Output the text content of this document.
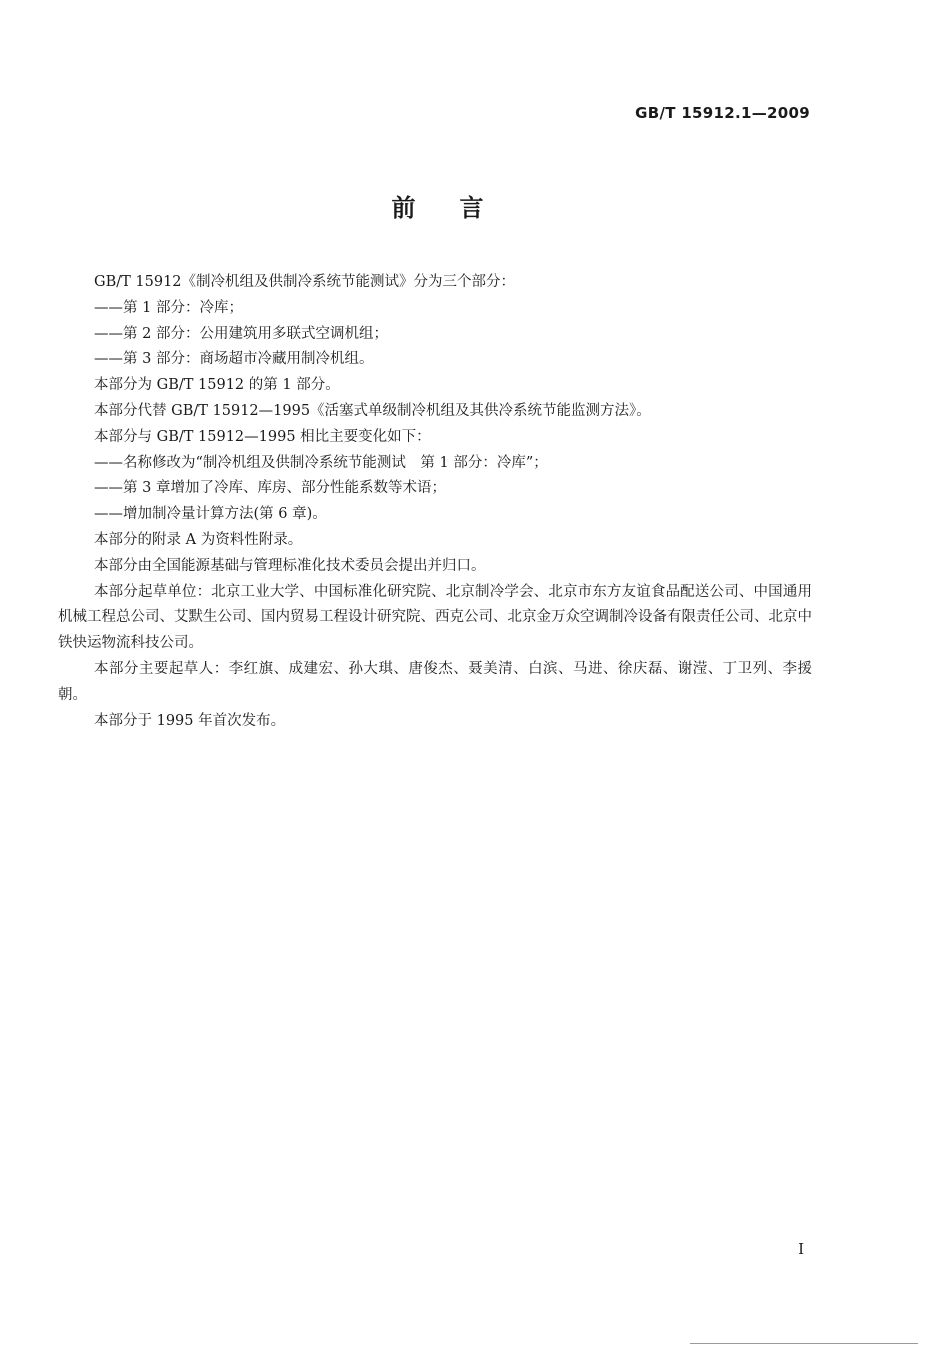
GB/T 15912.1—2009
前言

GB/T 15912《制冷机组及供制冷系统节能测试》分为三个部分：

——第 1 部分：冷库；

——第 2 部分：公用建筑用多联式空调机组；

——第 3 部分：商场超市冷藏用制冷机组。

本部分为 GB/T 15912 的第 1 部分。

本部分代替 GB/T 15912—1995《活塞式单级制冷机组及其供冷系统节能监测方法》。

本部分与 GB/T 15912—1995 相比主要变化如下：

——名称修改为“制冷机组及供制冷系统节能测试　第 1 部分：冷库”；

——第 3 章增加了冷库、库房、部分性能系数等术语；

——增加制冷量计算方法(第 6 章)。

本部分的附录 A 为资料性附录。

本部分由全国能源基础与管理标准化技术委员会提出并归口。

本部分起草单位：北京工业大学、中国标准化研究院、北京制冷学会、北京市东方友谊食品配送公司、中国通用机械工程总公司、艾默生公司、国内贸易工程设计研究院、西克公司、北京金万众空调制冷设备有限责任公司、北京中铁快运物流科技公司。

本部分主要起草人：李红旗、成建宏、孙大琪、唐俊杰、聂美清、白滨、马进、徐庆磊、谢滢、丁卫列、李援朝。

本部分于 1995 年首次发布。

I
